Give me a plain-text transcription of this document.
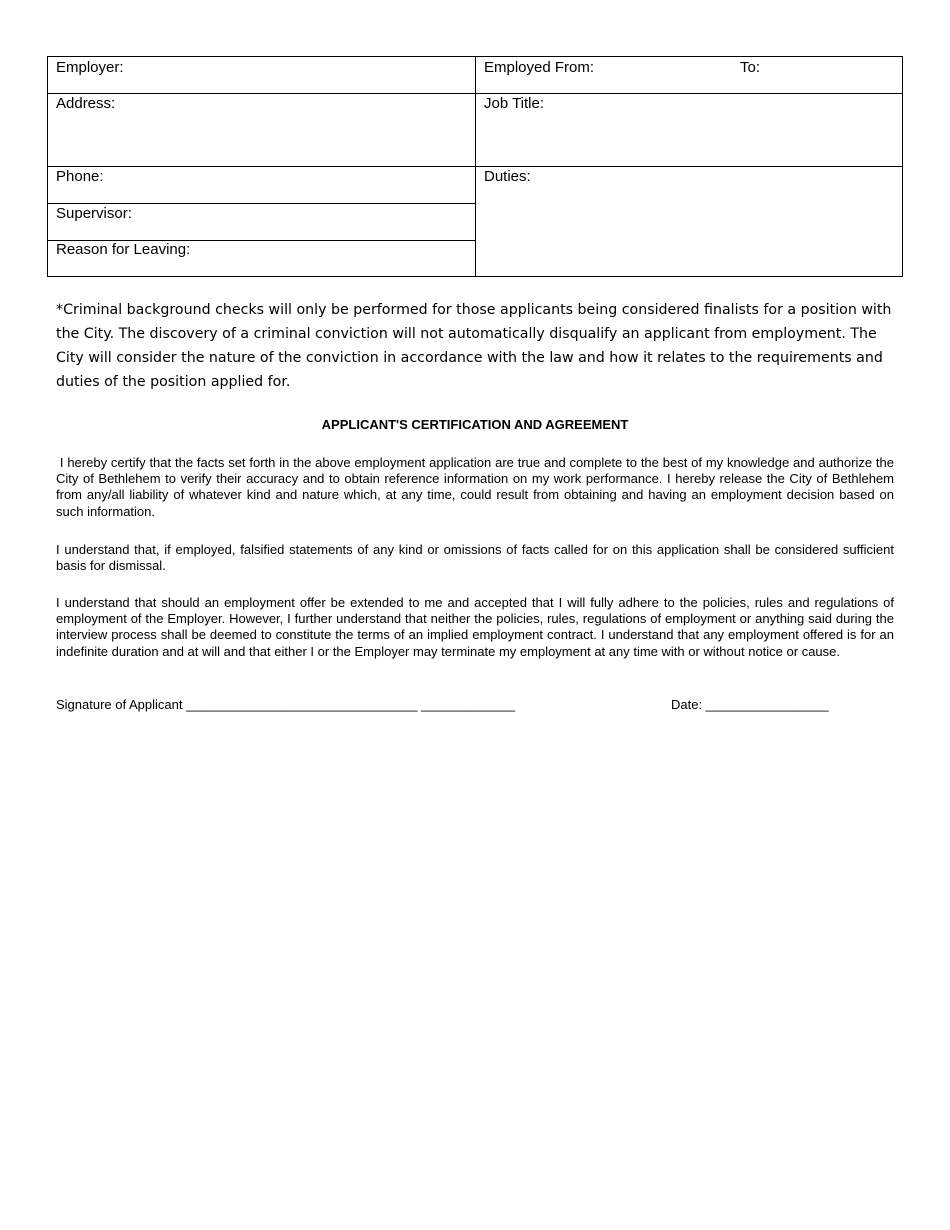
Employer:	Employed From:	To:
Address:	Job Title:
Phone:	Duties:
Supervisor:
Reason for Leaving:
*Criminal background checks will only be performed for those applicants being considered finalists for a position with the City. The discovery of a criminal conviction will not automatically disqualify an applicant from employment. The City will consider the nature of the conviction in accordance with the law and how it relates to the requirements and duties of the position applied for.
APPLICANT'S CERTIFICATION AND AGREEMENT
I hereby certify that the facts set forth in the above employment application are true and complete to the best of my knowledge and authorize the City of Bethlehem to verify their accuracy and to obtain reference information on my work performance. I hereby release the City of Bethlehem from any/all liability of whatever kind and nature which, at any time, could result from obtaining and having an employment decision based on such information.
I understand that, if employed, falsified statements of any kind or omissions of facts called for on this application shall be considered sufficient basis for dismissal.
I understand that should an employment offer be extended to me and accepted that I will fully adhere to the policies, rules and regulations of employment of the Employer. However, I further understand that neither the policies, rules, regulations of employment or anything said during the interview process shall be deemed to constitute the terms of an implied employment contract. I understand that any employment offered is for an indefinite duration and at will and that either I or the Employer may terminate my employment at any time with or without notice or cause.
Signature of Applicant ________________________________ _____________	Date: _________________
